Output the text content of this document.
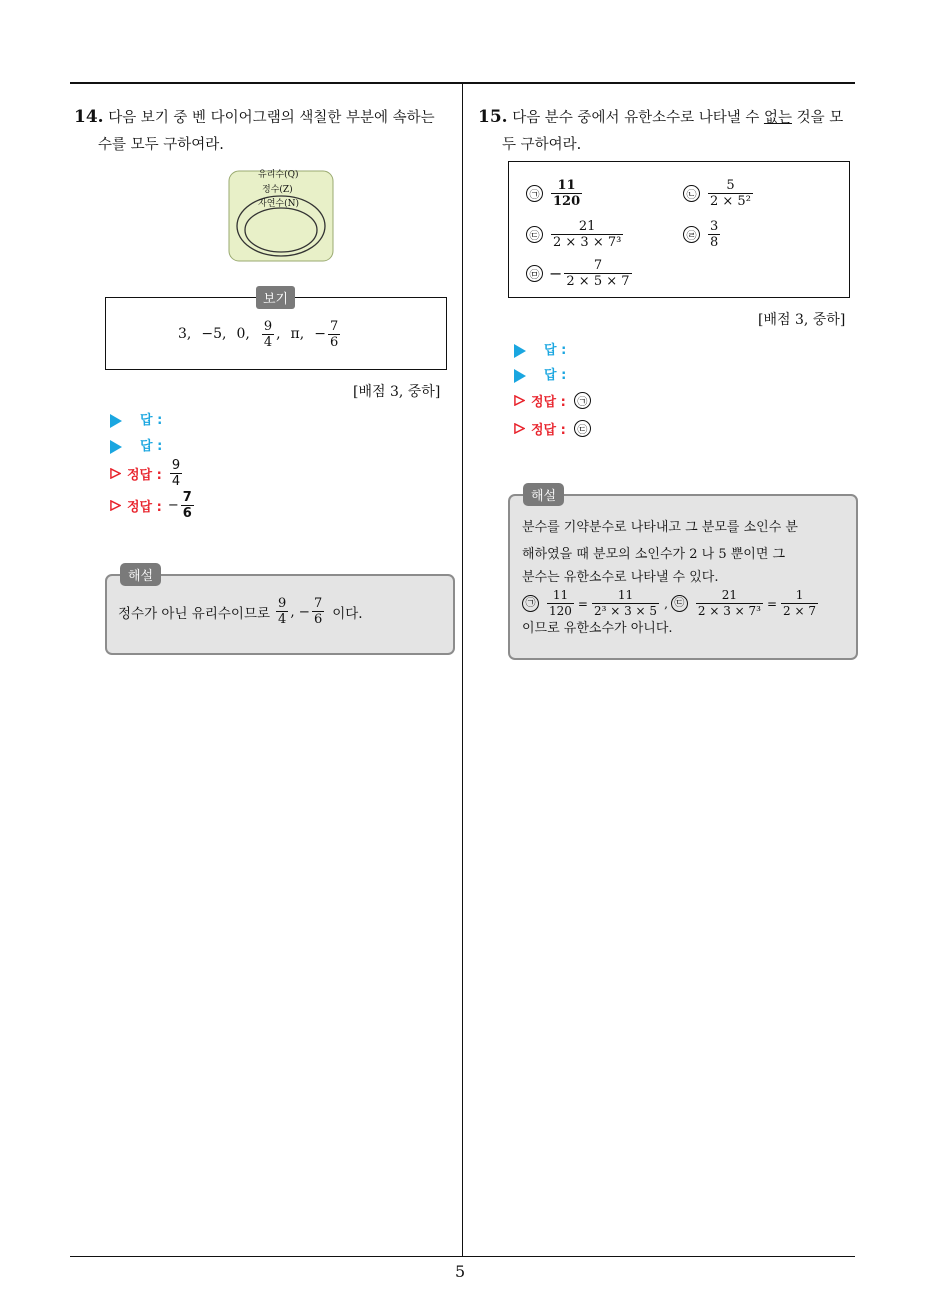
5
14. 다음 보기 중 벤 다이어그램의 색칠한 부분에 속하는
수를 모두 구하여라.
유리수(Q)
정수(Z)
자연수(N)
보기
3, −5, 0, $\frac{9}{4}$ , π, − $\frac{7}{6}$
[배점 3, 중하]
답 :
답 :
정답 : $\frac{9}{4}$
정답 : − $\frac{7}{6}$
해설
정수가 아닌 유리수이므로 $\frac{9}{4}$ , − $\frac{7}{6}$ 이다.
15. 다음 분수 중에서 유한소수로 나타낼 수 없는 것을 모
두 구하여라.
㉠ $\frac{11}{120}$	㉡ $\frac{5}{\text{2 × 5²}}$
㉢ $\frac{21}{\text{2 × 3 × 7³}}$	㉣ $\frac{3}{8}$
㉤ − $\frac{7}{2 \times 5 \times 7}$
[배점 3, 중하]
답 :
답 :
정답 :	㉠
정답 :	㉢
해설
분수를 기약분수로 나타내고 그 분모를 소인수 분
해하였을 때 분모의 소인수가 2 나 5 뿐이면 그
분수는 유한소수로 나타낼 수 있다.
㉠ $\frac{11}{120} = \frac{11}{\text{2³ × 3 × 5}}$ , ㉢ $\frac{21}{\text{2 × 3 × 7³}} = \frac{1}{2 \times 7}$
이므로 유한소수가 아니다.
